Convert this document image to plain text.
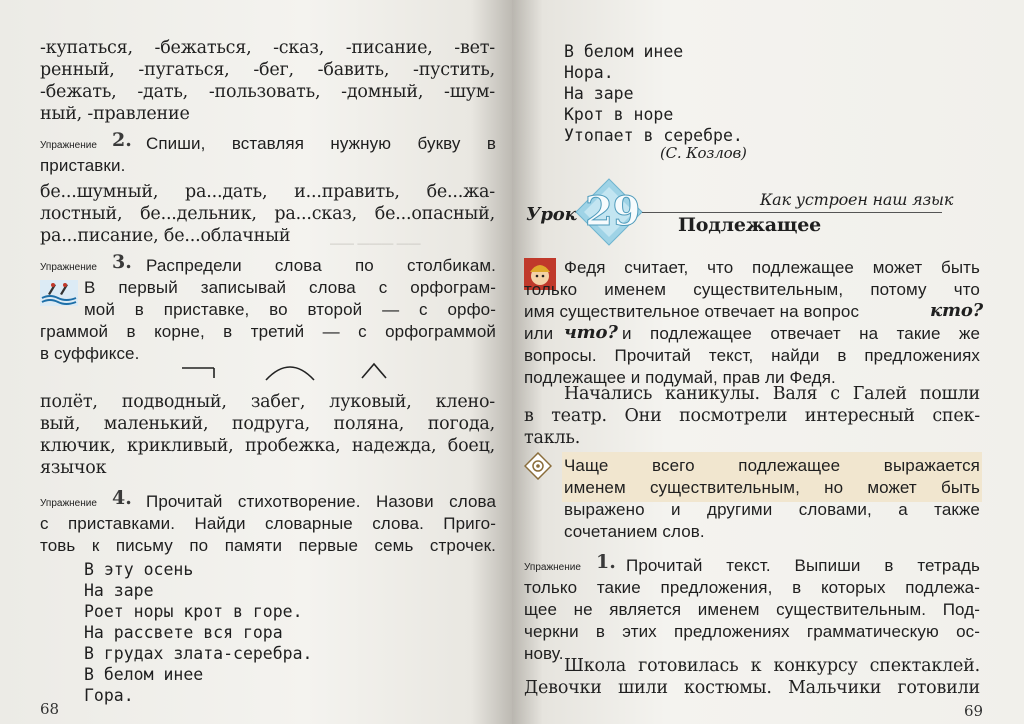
—— ——— ——

-купаться, -бежаться, -сказ, -писание, -вет-

ренный, -пугаться, -бег, -бавить, -пустить,

-бежать, -дать, -пользовать, -домный, -шум-

ный, -правление

Упражнение 2. Спиши, вставляя нужную букву в

приставки.

бе...шумный, ра...дать, и...править, бе...жа-

лостный, бе...дельник, ра...сказ, бе...опасный,

ра...писание, бе...облачный

Упражнение 3. Распредели слова по столбикам.

В первый записывай слова с орфограм-

мой в приставке, во второй — с орфо-

граммой в корне, в третий — с орфограммой

в суффиксе.

полёт, подводный, забег, луковый, клено-

вый, маленький, подруга, поляна, погода,

ключик, крикливый, пробежка, надежда, боец,

язычок

Упражнение 4. Прочитай стихотворение. Назови слова

с приставками. Найди словарные слова. Приго-

товь к письму по памяти первые семь строчек.

В эту осень

На заре

Роет норы крот в горе.

На рассвете вся гора

В грудах злата-серебра.

В белом инее

Гора.

68

В белом инее

Нора.

На заре

Крот в норе

Утопает в серебре.

(С. Козлов)

Урок 29	Как устроен наш язык
Подлежащее

Федя считает, что подлежащее может быть

только именем существительным, потому что

имя существительное отвечает на вопрос	кто?
или что? и подлежащее отвечает на такие же

вопросы. Прочитай текст, найди в предложениях

подлежащее и подумай, прав ли Федя.

Начались каникулы. Валя с Галей пошли

в театр. Они посмотрели интересный спек-

такль.

Чаще всего подлежащее выражается

именем существительным, но может быть

выражено и другими словами, а также

сочетанием слов.

Упражнение 1. Прочитай текст. Выпиши в тетрадь

только такие предложения, в которых подлежа-

щее не является именем существительным. Под-

черкни в этих предложениях грамматическую ос-

нову.

Школа готовилась к конкурсу спектаклей.

Девочки шили костюмы. Мальчики готовили

69
